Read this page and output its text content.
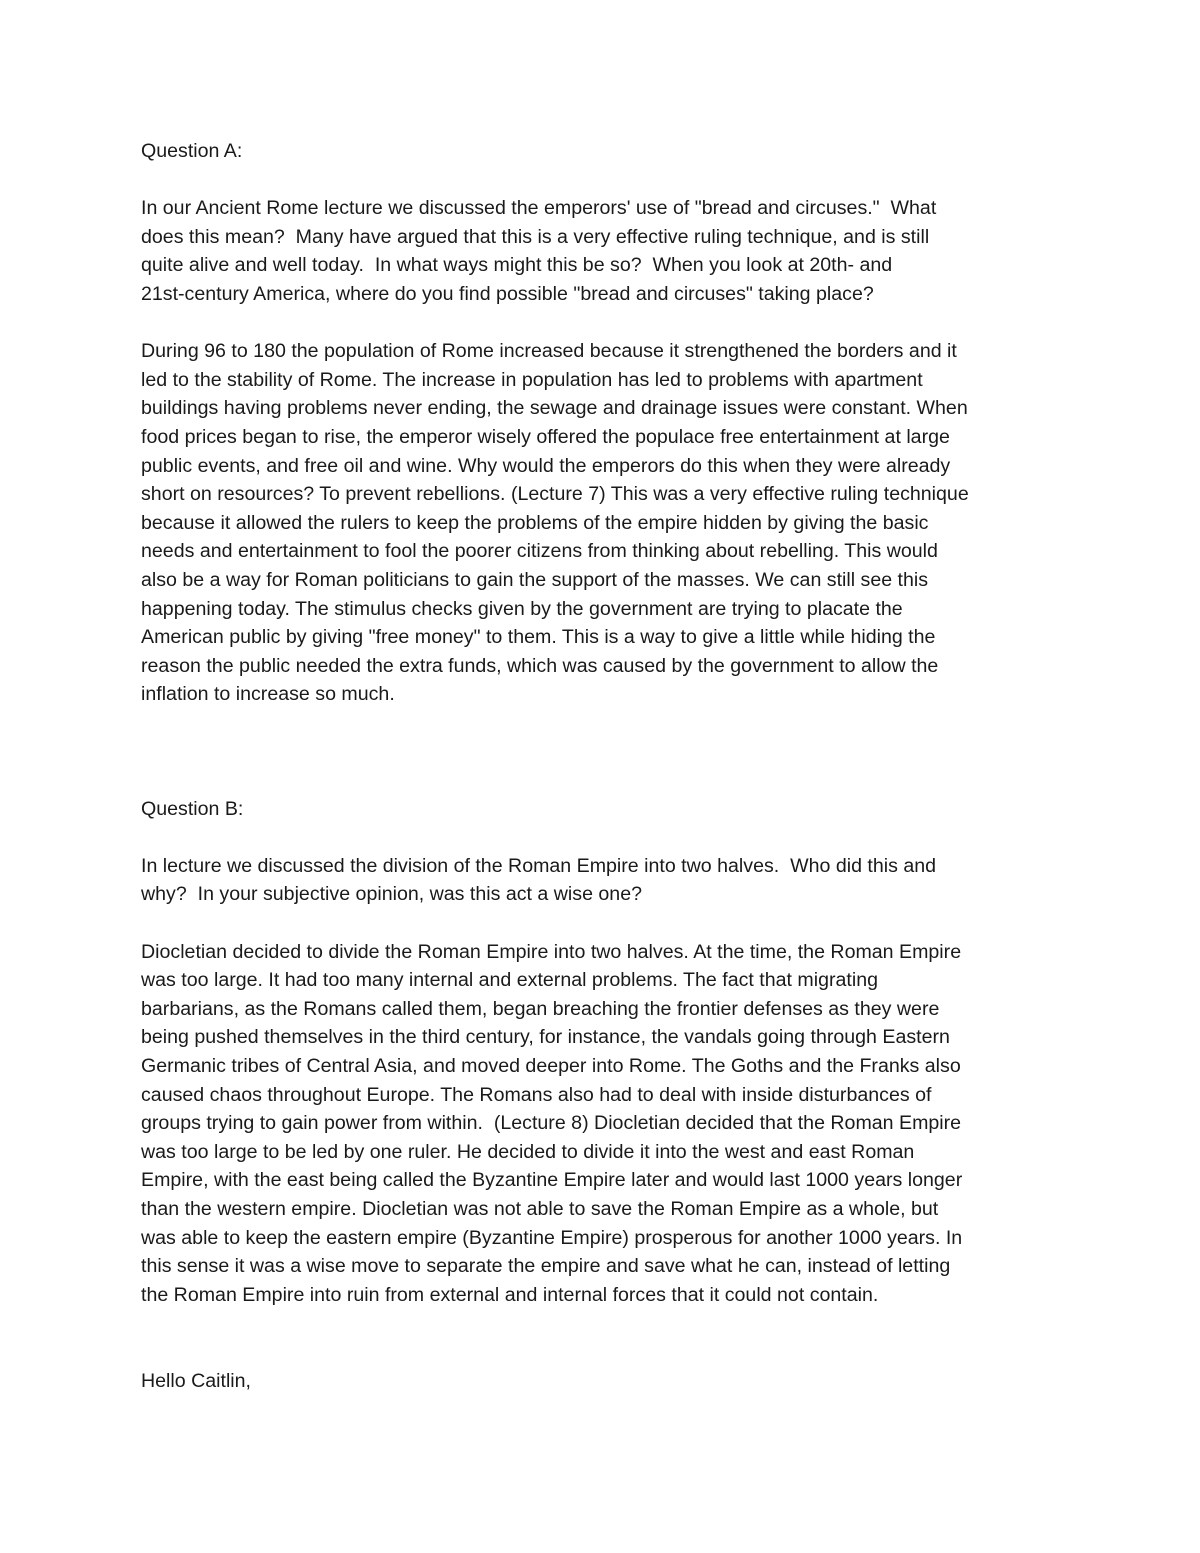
Question A:
In our Ancient Rome lecture we discussed the emperors' use of "bread and circuses."  What
does this mean?  Many have argued that this is a very effective ruling technique, and is still
quite alive and well today.  In what ways might this be so?  When you look at 20th- and
21st-century America, where do you find possible "bread and circuses" taking place?
During 96 to 180 the population of Rome increased because it strengthened the borders and it
led to the stability of Rome. The increase in population has led to problems with apartment
buildings having problems never ending, the sewage and drainage issues were constant. When
food prices began to rise, the emperor wisely offered the populace free entertainment at large
public events, and free oil and wine. Why would the emperors do this when they were already
short on resources? To prevent rebellions. (Lecture 7) This was a very effective ruling technique
because it allowed the rulers to keep the problems of the empire hidden by giving the basic
needs and entertainment to fool the poorer citizens from thinking about rebelling. This would
also be a way for Roman politicians to gain the support of the masses. We can still see this
happening today. The stimulus checks given by the government are trying to placate the
American public by giving "free money" to them. This is a way to give a little while hiding the
reason the public needed the extra funds, which was caused by the government to allow the
inflation to increase so much.
Question B:
In lecture we discussed the division of the Roman Empire into two halves.  Who did this and
why?  In your subjective opinion, was this act a wise one?
Diocletian decided to divide the Roman Empire into two halves. At the time, the Roman Empire
was too large. It had too many internal and external problems. The fact that migrating
barbarians, as the Romans called them, began breaching the frontier defenses as they were
being pushed themselves in the third century, for instance, the vandals going through Eastern
Germanic tribes of Central Asia, and moved deeper into Rome. The Goths and the Franks also
caused chaos throughout Europe. The Romans also had to deal with inside disturbances of
groups trying to gain power from within.  (Lecture 8) Diocletian decided that the Roman Empire
was too large to be led by one ruler. He decided to divide it into the west and east Roman
Empire, with the east being called the Byzantine Empire later and would last 1000 years longer
than the western empire. Diocletian was not able to save the Roman Empire as a whole, but
was able to keep the eastern empire (Byzantine Empire) prosperous for another 1000 years. In
this sense it was a wise move to separate the empire and save what he can, instead of letting
the Roman Empire into ruin from external and internal forces that it could not contain.
Hello Caitlin,
